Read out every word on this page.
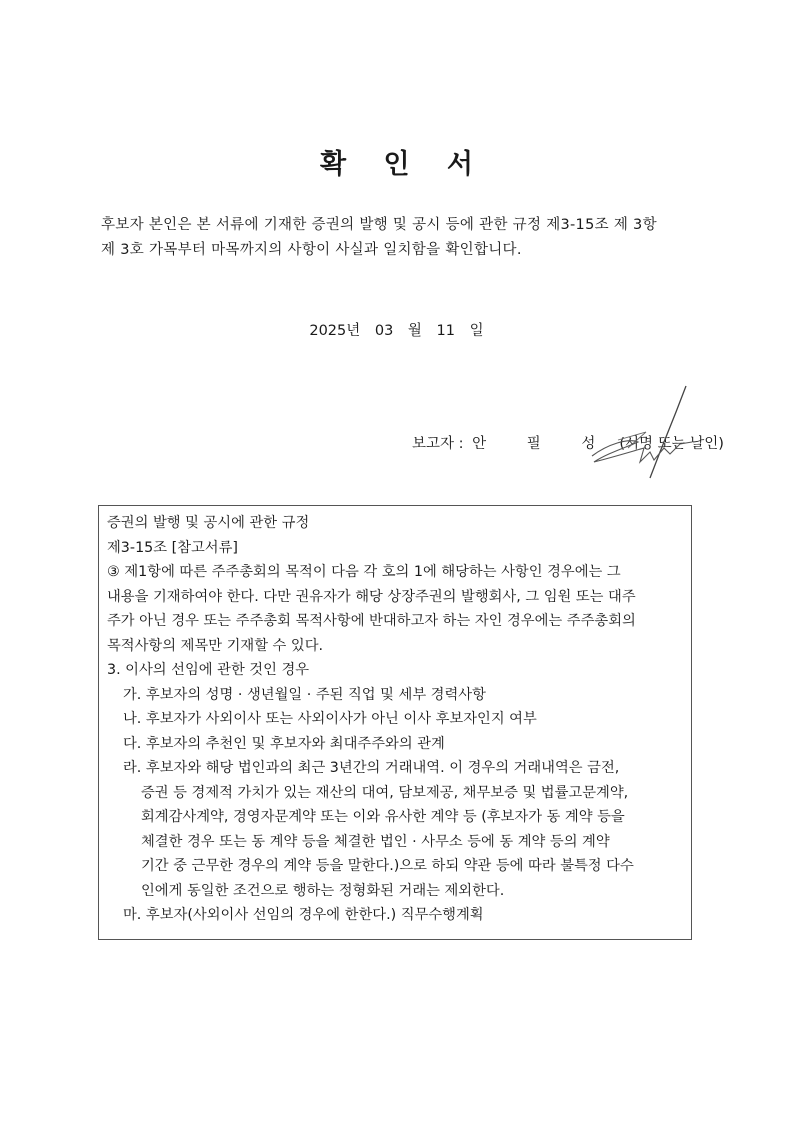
확 인 서

후보자 본인은 본 서류에 기재한 증권의 발행 및 공시 등에 관한 규정 제3-15조 제 3항

제 3호 가목부터 마목까지의 사항이 사실과 일치함을 확인합니다.

2025년 03 월 11 일
보고자 : 안 필 성 (서명 또는 날인)

증권의 발행 및 공시에 관한 규정

제3-15조 [참고서류]

③ 제1항에 따른 주주총회의 목적이 다음 각 호의 1에 해당하는 사항인 경우에는 그

내용을 기재하여야 한다. 다만 권유자가 해당 상장주권의 발행회사, 그 임원 또는 대주

주가 아닌 경우 또는 주주총회 목적사항에 반대하고자 하는 자인 경우에는 주주총회의

목적사항의 제목만 기재할 수 있다.

3. 이사의 선임에 관한 것인 경우

가. 후보자의 성명 · 생년월일 · 주된 직업 및 세부 경력사항

나. 후보자가 사외이사 또는 사외이사가 아닌 이사 후보자인지 여부

다. 후보자의 추천인 및 후보자와 최대주주와의 관계

라. 후보자와 해당 법인과의 최근 3년간의 거래내역. 이 경우의 거래내역은 금전,

증권 등 경제적 가치가 있는 재산의 대여, 담보제공, 채무보증 및 법률고문계약,

회계감사계약, 경영자문계약 또는 이와 유사한 계약 등 (후보자가 동 계약 등을

체결한 경우 또는 동 계약 등을 체결한 법인 · 사무소 등에 동 계약 등의 계약

기간 중 근무한 경우의 계약 등을 말한다.)으로 하되 약관 등에 따라 불특정 다수

인에게 동일한 조건으로 행하는 정형화된 거래는 제외한다.

마. 후보자(사외이사 선임의 경우에 한한다.) 직무수행계획
